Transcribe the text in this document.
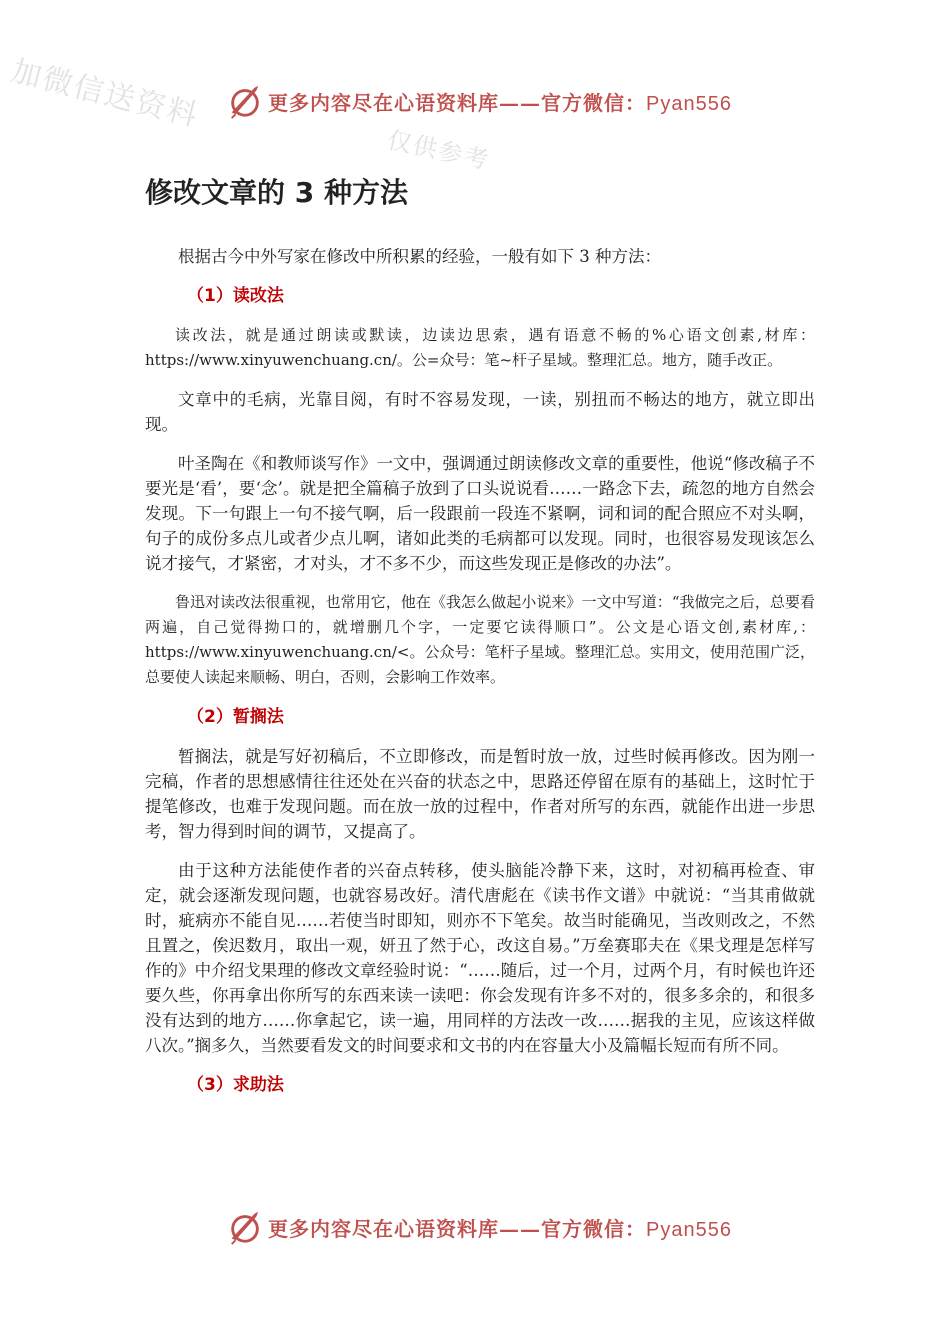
加微信送资料
仅供参考
更多内容尽在心语资料库——官方微信：Pyan556
修改文章的 3 种方法

根据古今中外写家在修改中所积累的经验，一般有如下 3 种方法：

（1）读改法

读改法，就是通过朗读或默读，边读边思索，遇有语意不畅的%心语文创素,材库：https://www.xinyuwenchuang.cn/。公=众号：笔~杆子星域。整理汇总。地方，随手改正。

文章中的毛病，光靠目阅，有时不容易发现，一读，别扭而不畅达的地方，就立即出现。

叶圣陶在《和教师谈写作》一文中，强调通过朗读修改文章的重要性，他说“修改稿子不要光是‘看’，要‘念’。就是把全篇稿子放到了口头说说看……一路念下去，疏忽的地方自然会发现。下一句跟上一句不接气啊，后一段跟前一段连不紧啊，词和词的配合照应不对头啊，句子的成份多点儿或者少点儿啊，诸如此类的毛病都可以发现。同时，也很容易发现该怎么说才接气，才紧密，才对头，才不多不少，而这些发现正是修改的办法”。

鲁迅对读改法很重视，也常用它，他在《我怎么做起小说来》一文中写道：“我做完之后，总要看两遍，自己觉得拗口的，就增删几个字，一定要它读得顺口”。公文是心语文创,素材库,：https://www.xinyuwenchuang.cn/<。公众号：笔杆子星域。整理汇总。实用文，使用范围广泛，总要使人读起来顺畅、明白，否则，会影响工作效率。

（2）暂搁法

暂搁法，就是写好初稿后，不立即修改，而是暂时放一放，过些时候再修改。因为刚一完稿，作者的思想感情往往还处在兴奋的状态之中，思路还停留在原有的基础上，这时忙于提笔修改，也难于发现问题。而在放一放的过程中，作者对所写的东西，就能作出进一步思考，智力得到时间的调节，又提高了。

由于这种方法能使作者的兴奋点转移，使头脑能冷静下来，这时，对初稿再检查、审定，就会逐渐发现问题，也就容易改好。清代唐彪在《读书作文谱》中就说：“当其甫做就时，疵病亦不能自见……若使当时即知，则亦不下笔矣。故当时能确见，当改则改之，不然且置之，俟迟数月，取出一观，妍丑了然于心，改这自易。”万垒赛耶夫在《果戈理是怎样写作的》中介绍戈果理的修改文章经验时说：“……随后，过一个月，过两个月，有时候也许还要久些，你再拿出你所写的东西来读一读吧：你会发现有许多不对的，很多多余的，和很多没有达到的地方……你拿起它，读一遍，用同样的方法改一改……据我的主见，应该这样做八次。”搁多久，当然要看发文的时间要求和文书的内在容量大小及篇幅长短而有所不同。

（3）求助法
更多内容尽在心语资料库——官方微信：Pyan556
